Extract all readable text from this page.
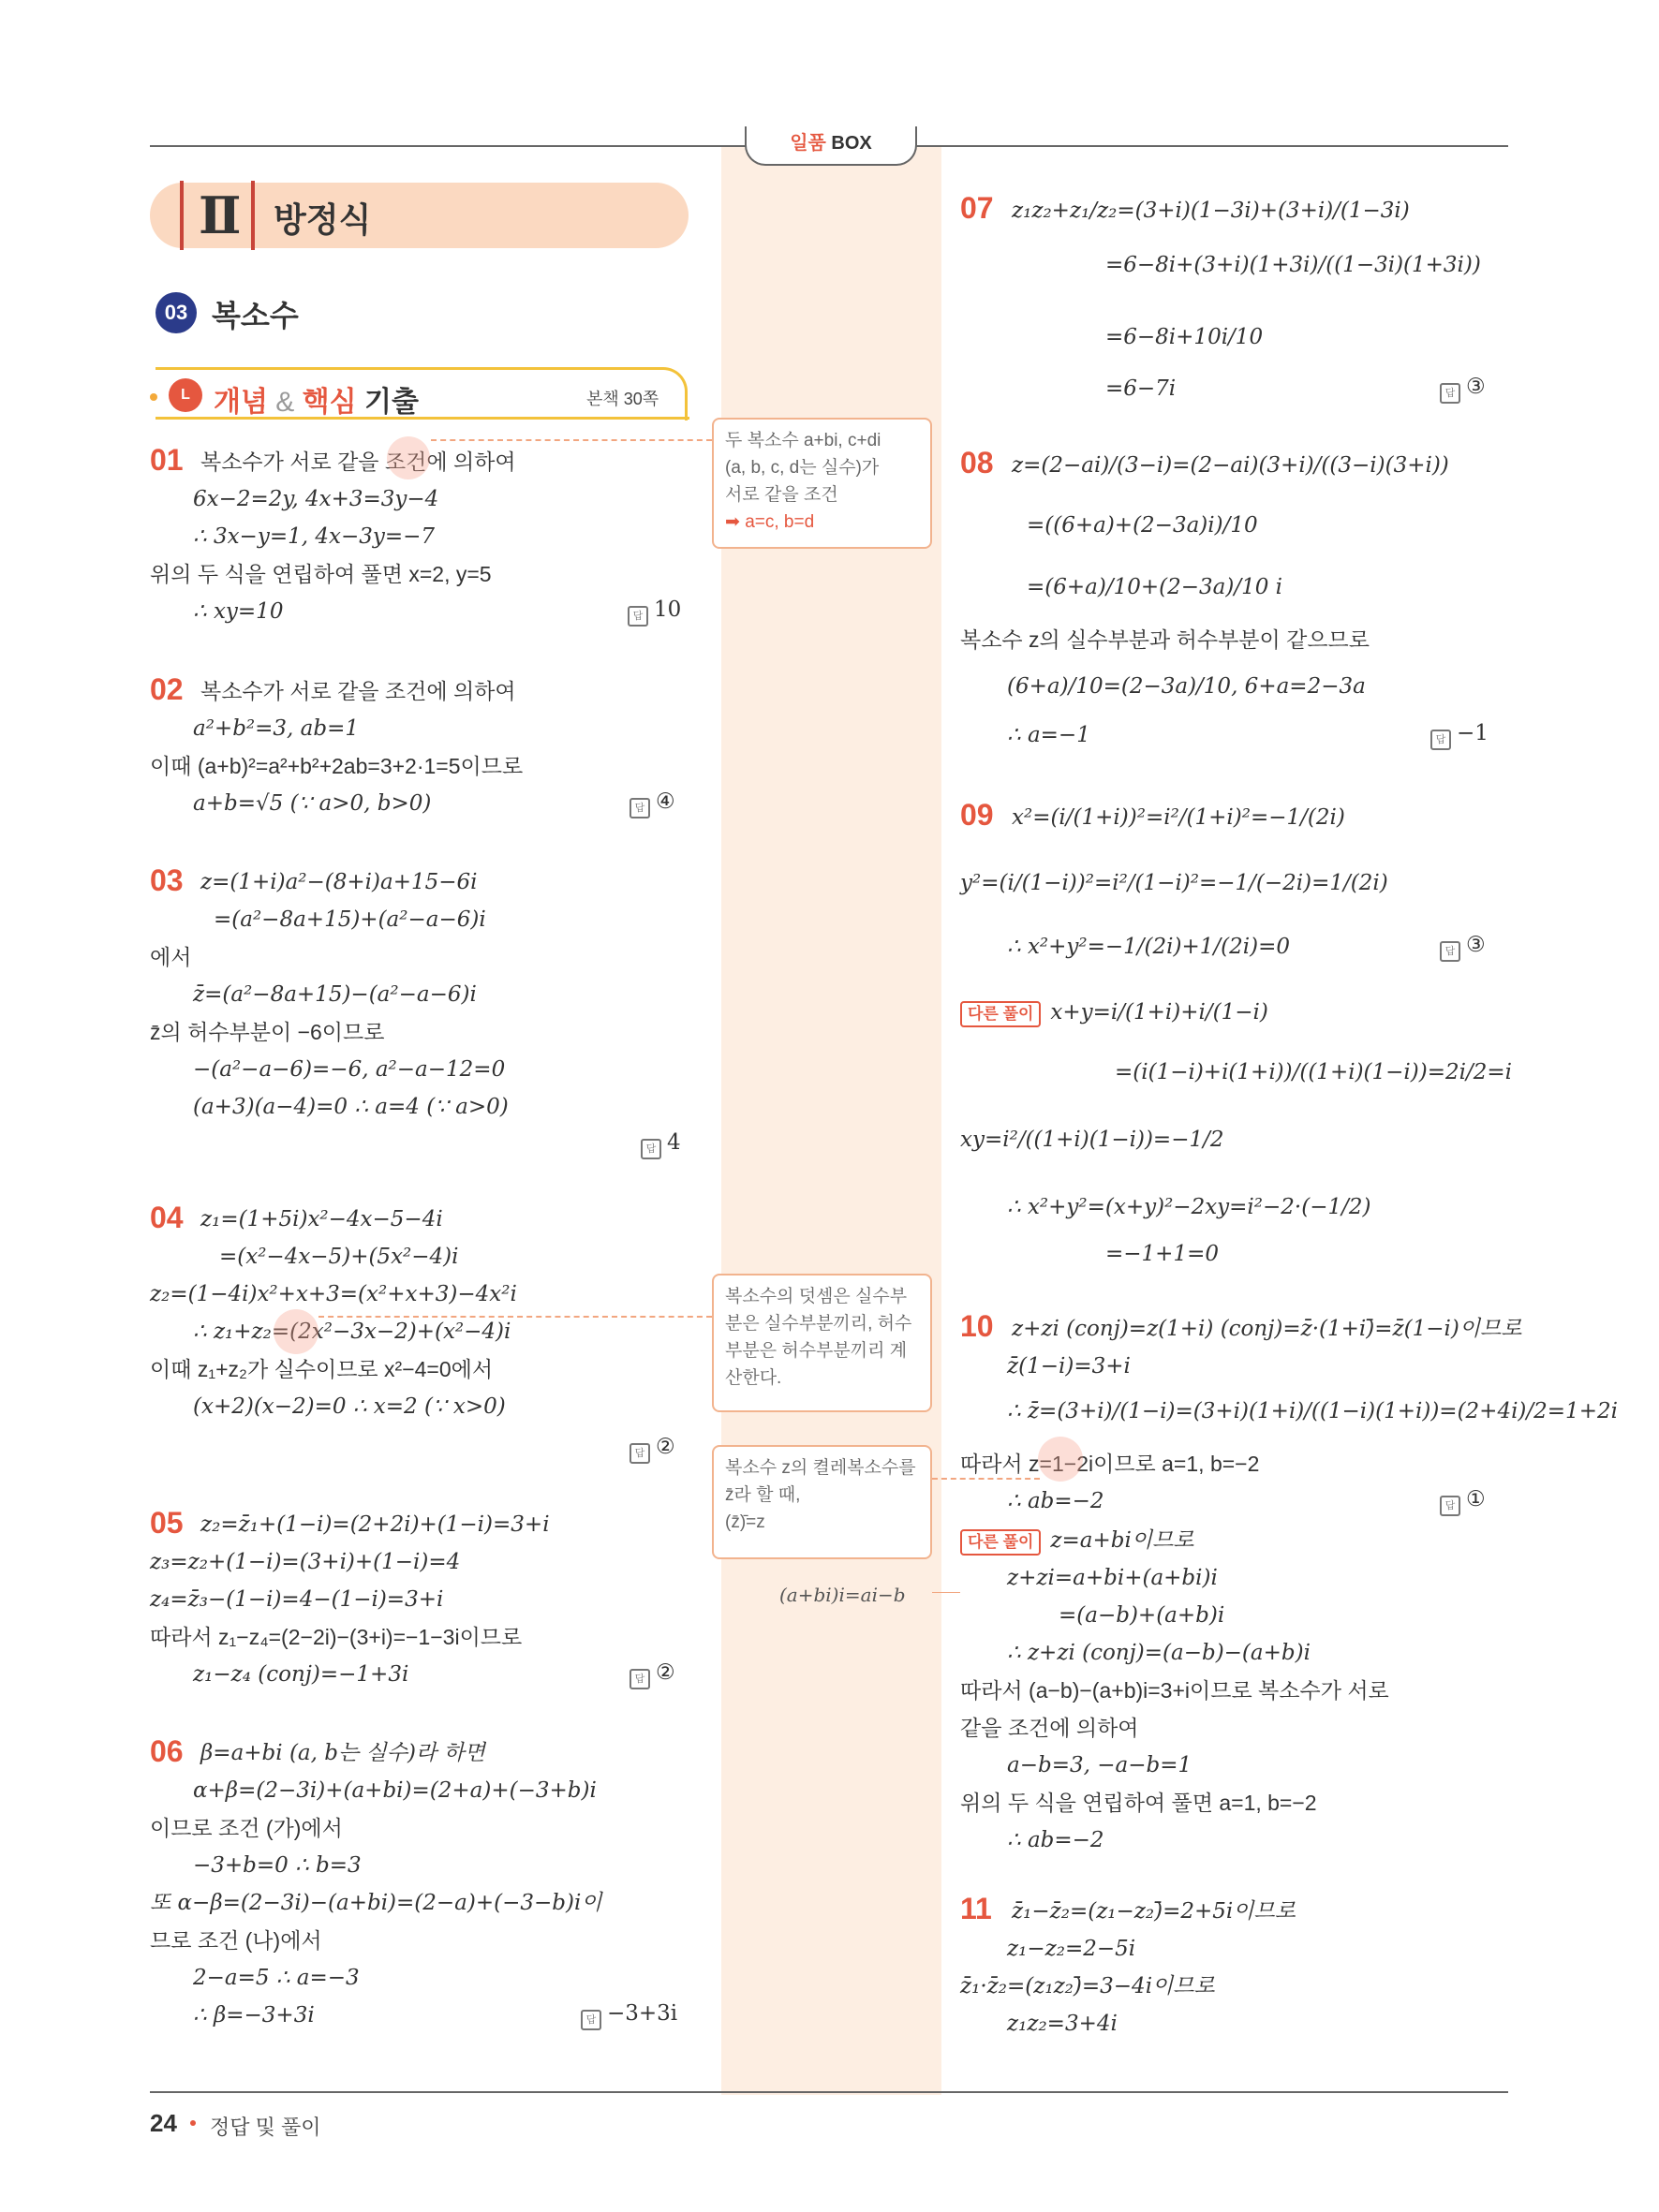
일품 BOX
Ⅱ 방정식
03 복소수
L 개념 & 핵심 기출	본책 30쪽
01 복소수가 서로 같을 조건에 의하여
6x−2=2y, 4x+3=3y−4
∴ 3x−y=1, 4x−3y=−7
위의 두 식을 연립하여 풀면 x=2, y=5
∴ xy=10	답 10
02 복소수가 서로 같을 조건에 의하여
a²+b²=3, ab=1
이때 (a+b)²=a²+b²+2ab=3+2·1=5이므로
a+b=√5 (∵ a>0, b>0)	답 ④
03 z=(1+i)a²−(8+i)a+15−6i
=(a²−8a+15)+(a²−a−6)i
에서
z̄=(a²−8a+15)−(a²−a−6)i
z̄의 허수부분이 −6이므로
−(a²−a−6)=−6, a²−a−12=0
(a+3)(a−4)=0 ∴ a=4 (∵ a>0)
답 4
04 z₁=(1+5i)x²−4x−5−4i
=(x²−4x−5)+(5x²−4)i
z₂=(1−4i)x²+x+3=(x²+x+3)−4x²i
∴ z₁+z₂=(2x²−3x−2)+(x²−4)i
이때 z₁+z₂가 실수이므로 x²−4=0에서
(x+2)(x−2)=0 ∴ x=2 (∵ x>0)
답 ②
05 z₂=z̄₁+(1−i)=(2+2i)+(1−i)=3+i
z₃=z₂+(1−i)=(3+i)+(1−i)=4
z₄=z̄₃−(1−i)=4−(1−i)=3+i
따라서 z₁−z₄=(2−2i)−(3+i)=−1−3i이므로
z₁−z₄ (conj)=−1+3i	답 ②
06 β=a+bi (a, b는 실수)라 하면
α+β=(2−3i)+(a+bi)=(2+a)+(−3+b)i
이므로 조건 (가)에서
−3+b=0 ∴ b=3
또 α−β=(2−3i)−(a+bi)=(2−a)+(−3−b)i이
므로 조건 (나)에서
2−a=5 ∴ a=−3
∴ β=−3+3i	답 −3+3i
두 복소수 a+bi, c+di
(a, b, c, d는 실수)가
서로 같을 조건
➡ a=c, b=d
복소수의 덧셈은 실수부
분은 실수부분끼리, 허수
부분은 허수부분끼리 계
산한다.
복소수 z의 켤레복소수를
z̄라 할 때,
(z̄)̄=z
(a+bi)i=ai−b
07 z₁z₂+z₁/z₂=(3+i)(1−3i)+(3+i)/(1−3i)
=6−8i+(3+i)(1+3i)/((1−3i)(1+3i))
=6−8i+10i/10
=6−7i	답 ③
08 z=(2−ai)/(3−i)=(2−ai)(3+i)/((3−i)(3+i))
=((6+a)+(2−3a)i)/10
=(6+a)/10+(2−3a)/10 i
복소수 z의 실수부분과 허수부분이 같으므로
(6+a)/10=(2−3a)/10, 6+a=2−3a
∴ a=−1	답 −1
09 x²=(i/(1+i))²=i²/(1+i)²=−1/(2i)
y²=(i/(1−i))²=i²/(1−i)²=−1/(−2i)=1/(2i)
∴ x²+y²=−1/(2i)+1/(2i)=0	답 ③
다른 풀이 x+y=i/(1+i)+i/(1−i)
=(i(1−i)+i(1+i))/((1+i)(1−i))=2i/2=i
xy=i²/((1+i)(1−i))=−1/2
∴ x²+y²=(x+y)²−2xy=i²−2·(−1/2)
=−1+1=0
10 z+zi (conj)=z(1+i) (conj)=z̄·(1+i)̄=z̄(1−i)이므로
z̄(1−i)=3+i
∴ z̄=(3+i)/(1−i)=(3+i)(1+i)/((1−i)(1+i))=(2+4i)/2=1+2i
따라서 z=1−2i이므로 a=1, b=−2
∴ ab=−2	답 ①
다른 풀이 z=a+bi이므로
z+zi=a+bi+(a+bi)i
=(a−b)+(a+b)i
∴ z+zi (conj)=(a−b)−(a+b)i
따라서 (a−b)−(a+b)i=3+i이므로 복소수가 서로
같을 조건에 의하여
a−b=3, −a−b=1
위의 두 식을 연립하여 풀면 a=1, b=−2
∴ ab=−2
11 z̄₁−z̄₂=(z₁−z₂)̄=2+5i이므로
z₁−z₂=2−5i
z̄₁·z̄₂=(z₁z₂)̄=3−4i이므로
z₁z₂=3+4i
24 정답 및 풀이
